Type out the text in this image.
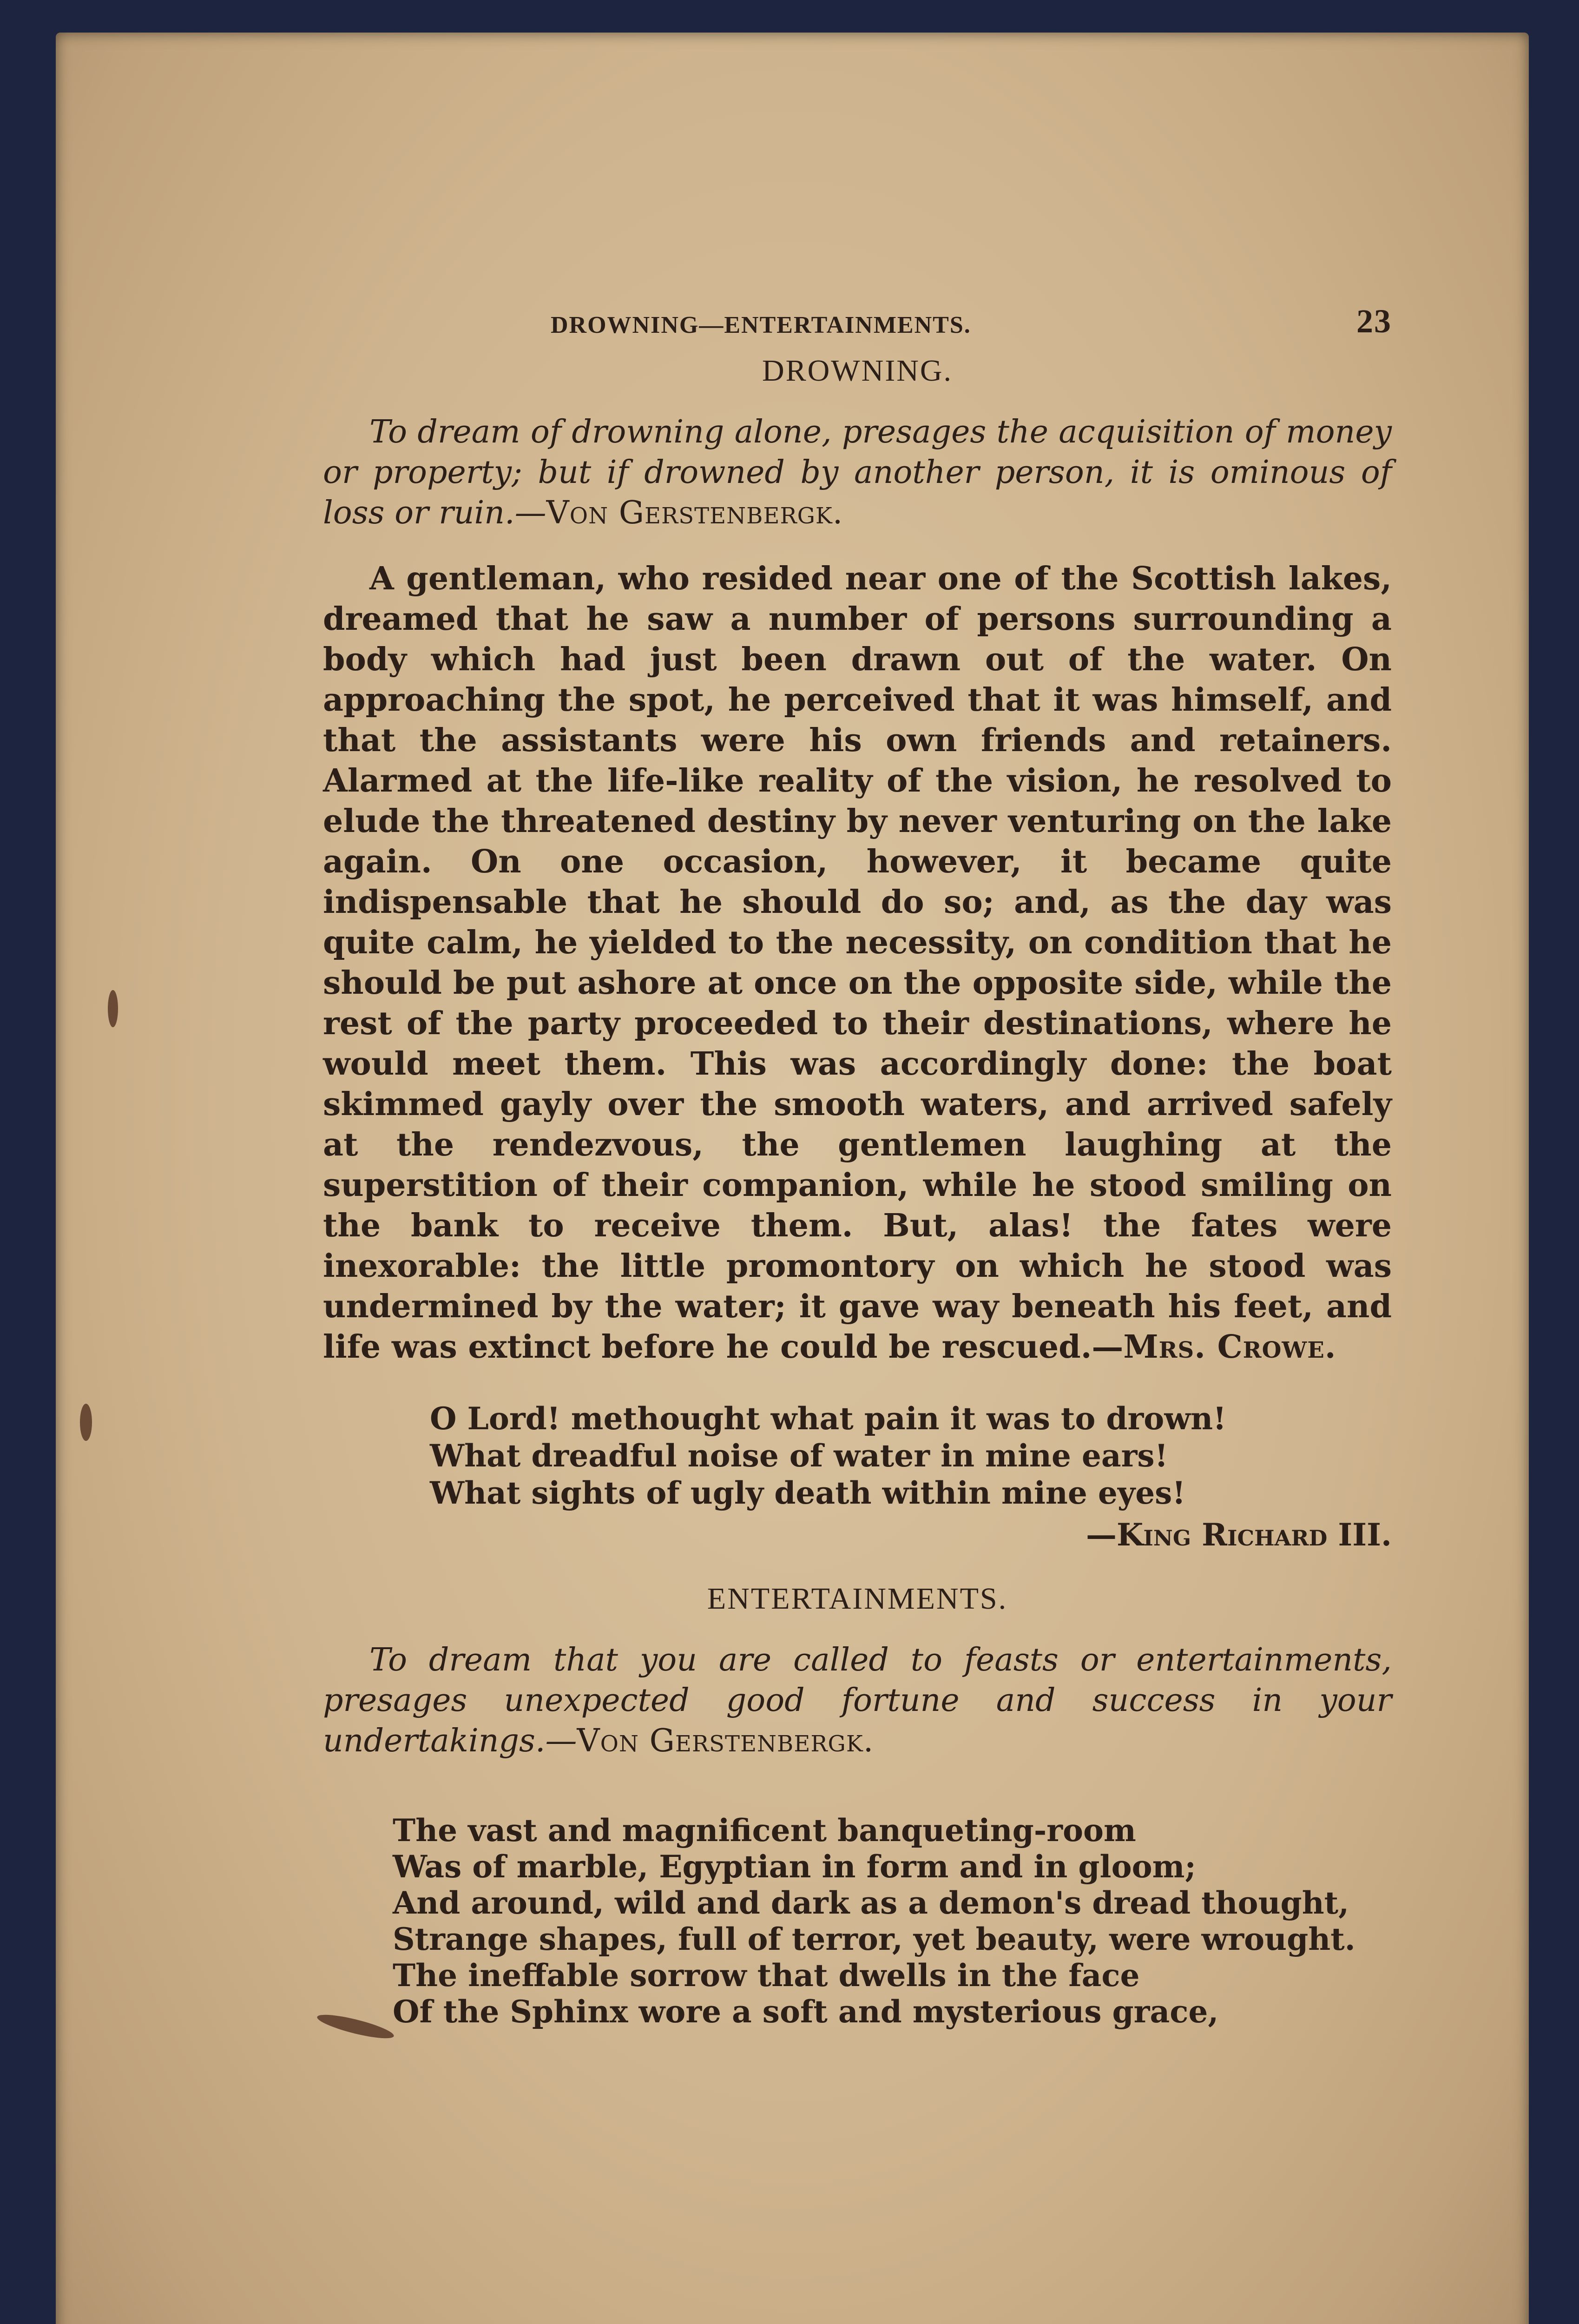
DROWNING—ENTERTAINMENTS.	23
DROWNING.

To dream of drowning alone, presages the acquisition of money or property; but if drowned by another person, it is ominous of loss or ruin.—Von Gerstenbergk.

A gentleman, who resided near one of the Scottish lakes, dreamed that he saw a number of persons surrounding a body which had just been drawn out of the water. On approaching the spot, he perceived that it was himself, and that the assistants were his own friends and retainers. Alarmed at the life-like reality of the vision, he resolved to elude the threatened destiny by never venturing on the lake again. On one occasion, however, it became quite indispensable that he should do so; and, as the day was quite calm, he yielded to the necessity, on condition that he should be put ashore at once on the opposite side, while the rest of the party proceeded to their destinations, where he would meet them. This was accordingly done: the boat skimmed gayly over the smooth waters, and arrived safely at the rendezvous, the gentlemen laughing at the superstition of their companion, while he stood smiling on the bank to receive them. But, alas! the fates were inexorable: the little promontory on which he stood was undermined by the water; it gave way beneath his feet, and life was extinct before he could be rescued.—Mrs. Crowe.

O Lord! methought what pain it was to drown!
What dreadful noise of water in mine ears!
What sights of ugly death within mine eyes!
—King Richard III.
ENTERTAINMENTS.

To dream that you are called to feasts or entertainments, presages unexpected good fortune and success in your undertakings.—Von Gerstenbergk.

The vast and magnificent banqueting-room
Was of marble, Egyptian in form and in gloom;
And around, wild and dark as a demon's dread thought,
Strange shapes, full of terror, yet beauty, were wrought.
The ineffable sorrow that dwells in the face
Of the Sphinx wore a soft and mysterious grace,
